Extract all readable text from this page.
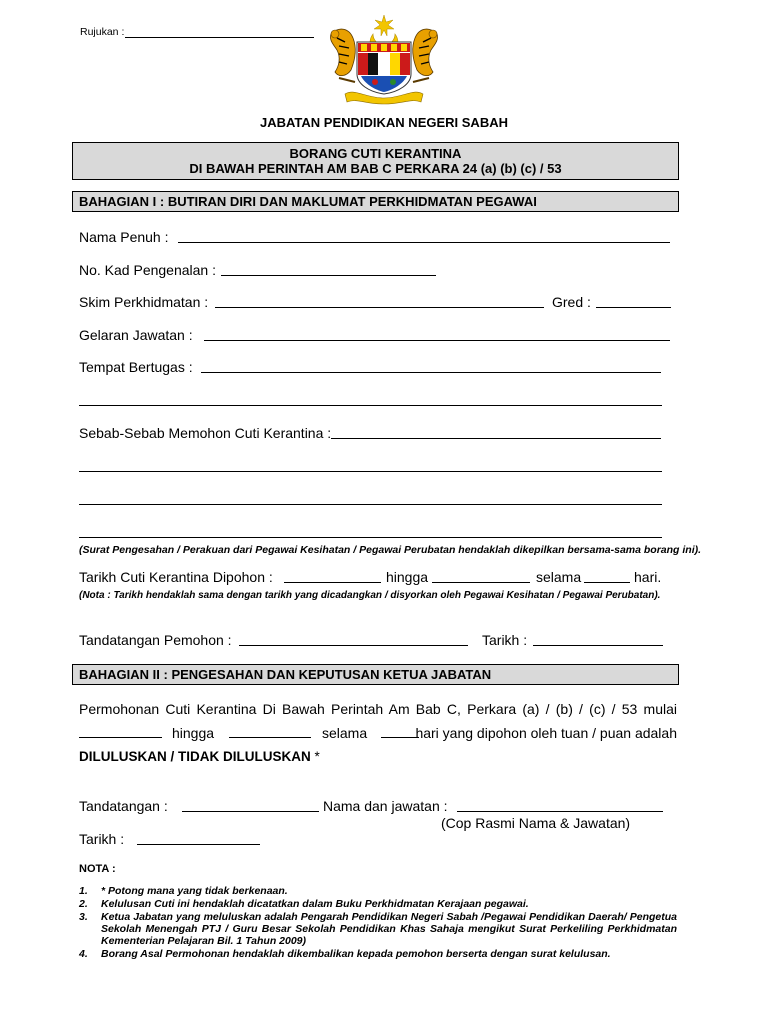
Rujukan :
JABATAN PENDIDIKAN NEGERI SABAH
BORANG CUTI KERANTINA
DI BAWAH PERINTAH AM BAB C PERKARA 24 (a) (b) (c) / 53
BAHAGIAN I : BUTIRAN DIRI DAN MAKLUMAT PERKHIDMATAN PEGAWAI
Nama Penuh :
No. Kad Pengenalan :
Skim Perkhidmatan :	Gred :
Gelaran Jawatan :
Tempat Bertugas :
Sebab-Sebab Memohon Cuti Kerantina :
(Surat Pengesahan / Perakuan dari Pegawai Kesihatan / Pegawai Perubatan hendaklah dikepilkan bersama-sama borang ini).
Tarikh Cuti Kerantina Dipohon :	hingga	selama	hari.
(Nota : Tarikh hendaklah sama dengan tarikh yang dicadangkan / disyorkan oleh Pegawai Kesihatan / Pegawai Perubatan).
Tandatangan Pemohon :	Tarikh :
BAHAGIAN II : PENGESAHAN DAN KEPUTUSAN KETUA JABATAN
Permohonan Cuti Kerantina Di Bawah Perintah Am Bab C, Perkara (a) / (b) / (c) / 53 mulai
hingga	selama	hari yang dipohon oleh tuan / puan adalah
DILULUSKAN / TIDAK DILULUSKAN *
Tandatangan :	Nama dan jawatan :
(Cop Rasmi Nama & Jawatan)
Tarikh :
NOTA :
1.	* Potong mana yang tidak berkenaan.
2.	Kelulusan Cuti ini hendaklah dicatatkan dalam Buku Perkhidmatan Kerajaan pegawai.
3.	Ketua Jabatan yang meluluskan adalah Pengarah Pendidikan Negeri Sabah /Pegawai Pendidikan Daerah/ Pengetua Sekolah Menengah PTJ / Guru Besar Sekolah Pendidikan Khas Sahaja mengikut Surat Perkeliling Perkhidmatan Kementerian Pelajaran Bil. 1 Tahun 2009)
4.	Borang Asal Permohonan hendaklah dikembalikan kepada pemohon berserta dengan surat kelulusan.
